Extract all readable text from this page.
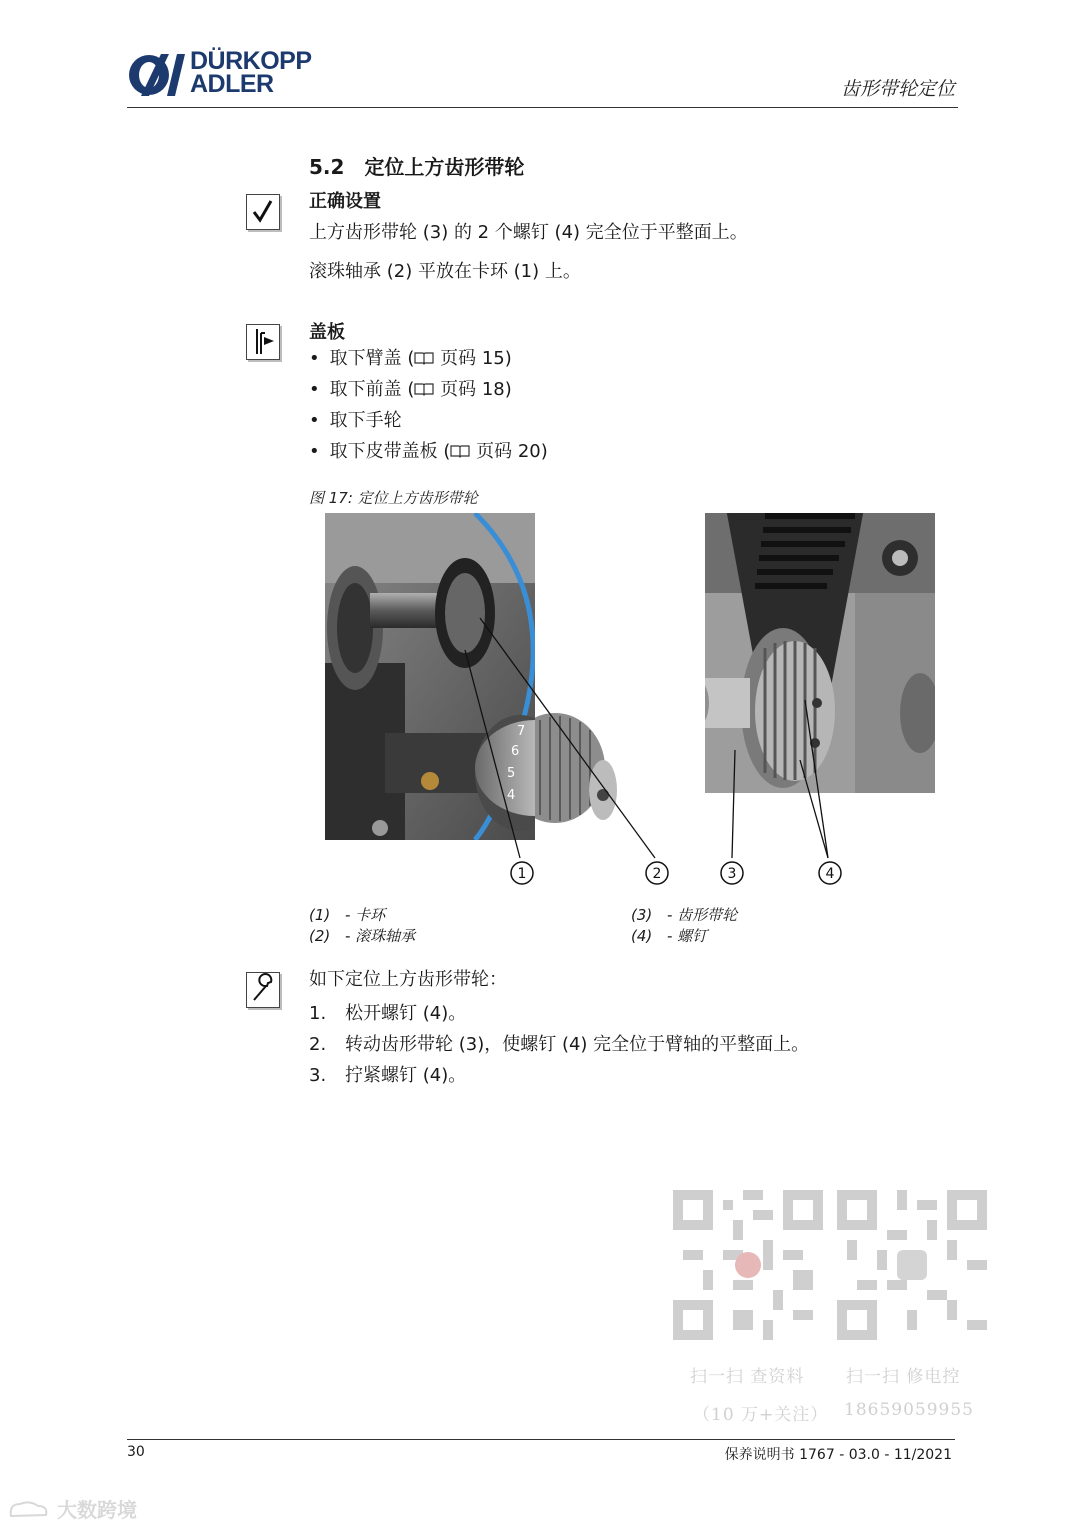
DÜRKOPP
ADLER	齿形带轮定位
5.2 定位上方齿形带轮
正确设置
上方齿形带轮 (3) 的 2 个螺钉 (4) 完全位于平整面上。
滚珠轴承 (2) 平放在卡环 (1) 上。
盖板
• 取下臂盖 ( 页码 15)
• 取下前盖 ( 页码 18)
• 取下手轮
• 取下皮带盖板 ( 页码 20)
图 17: 定位上方齿形带轮
7
6
5
4
1	2	3	4
(1) - 卡环
(2) - 滚珠轴承
(3) - 齿形带轮
(4) - 螺钉
如下定位上方齿形带轮：
1. 松开螺钉 (4)。
2. 转动齿形带轮 (3)，使螺钉 (4) 完全位于臂轴的平整面上。
3. 拧紧螺钉 (4)。
扫一扫 查资料
（10 万+关注）
扫一扫 修电控
18659059955
30	保养说明书 1767 - 03.0 - 11/2021
大数跨境
